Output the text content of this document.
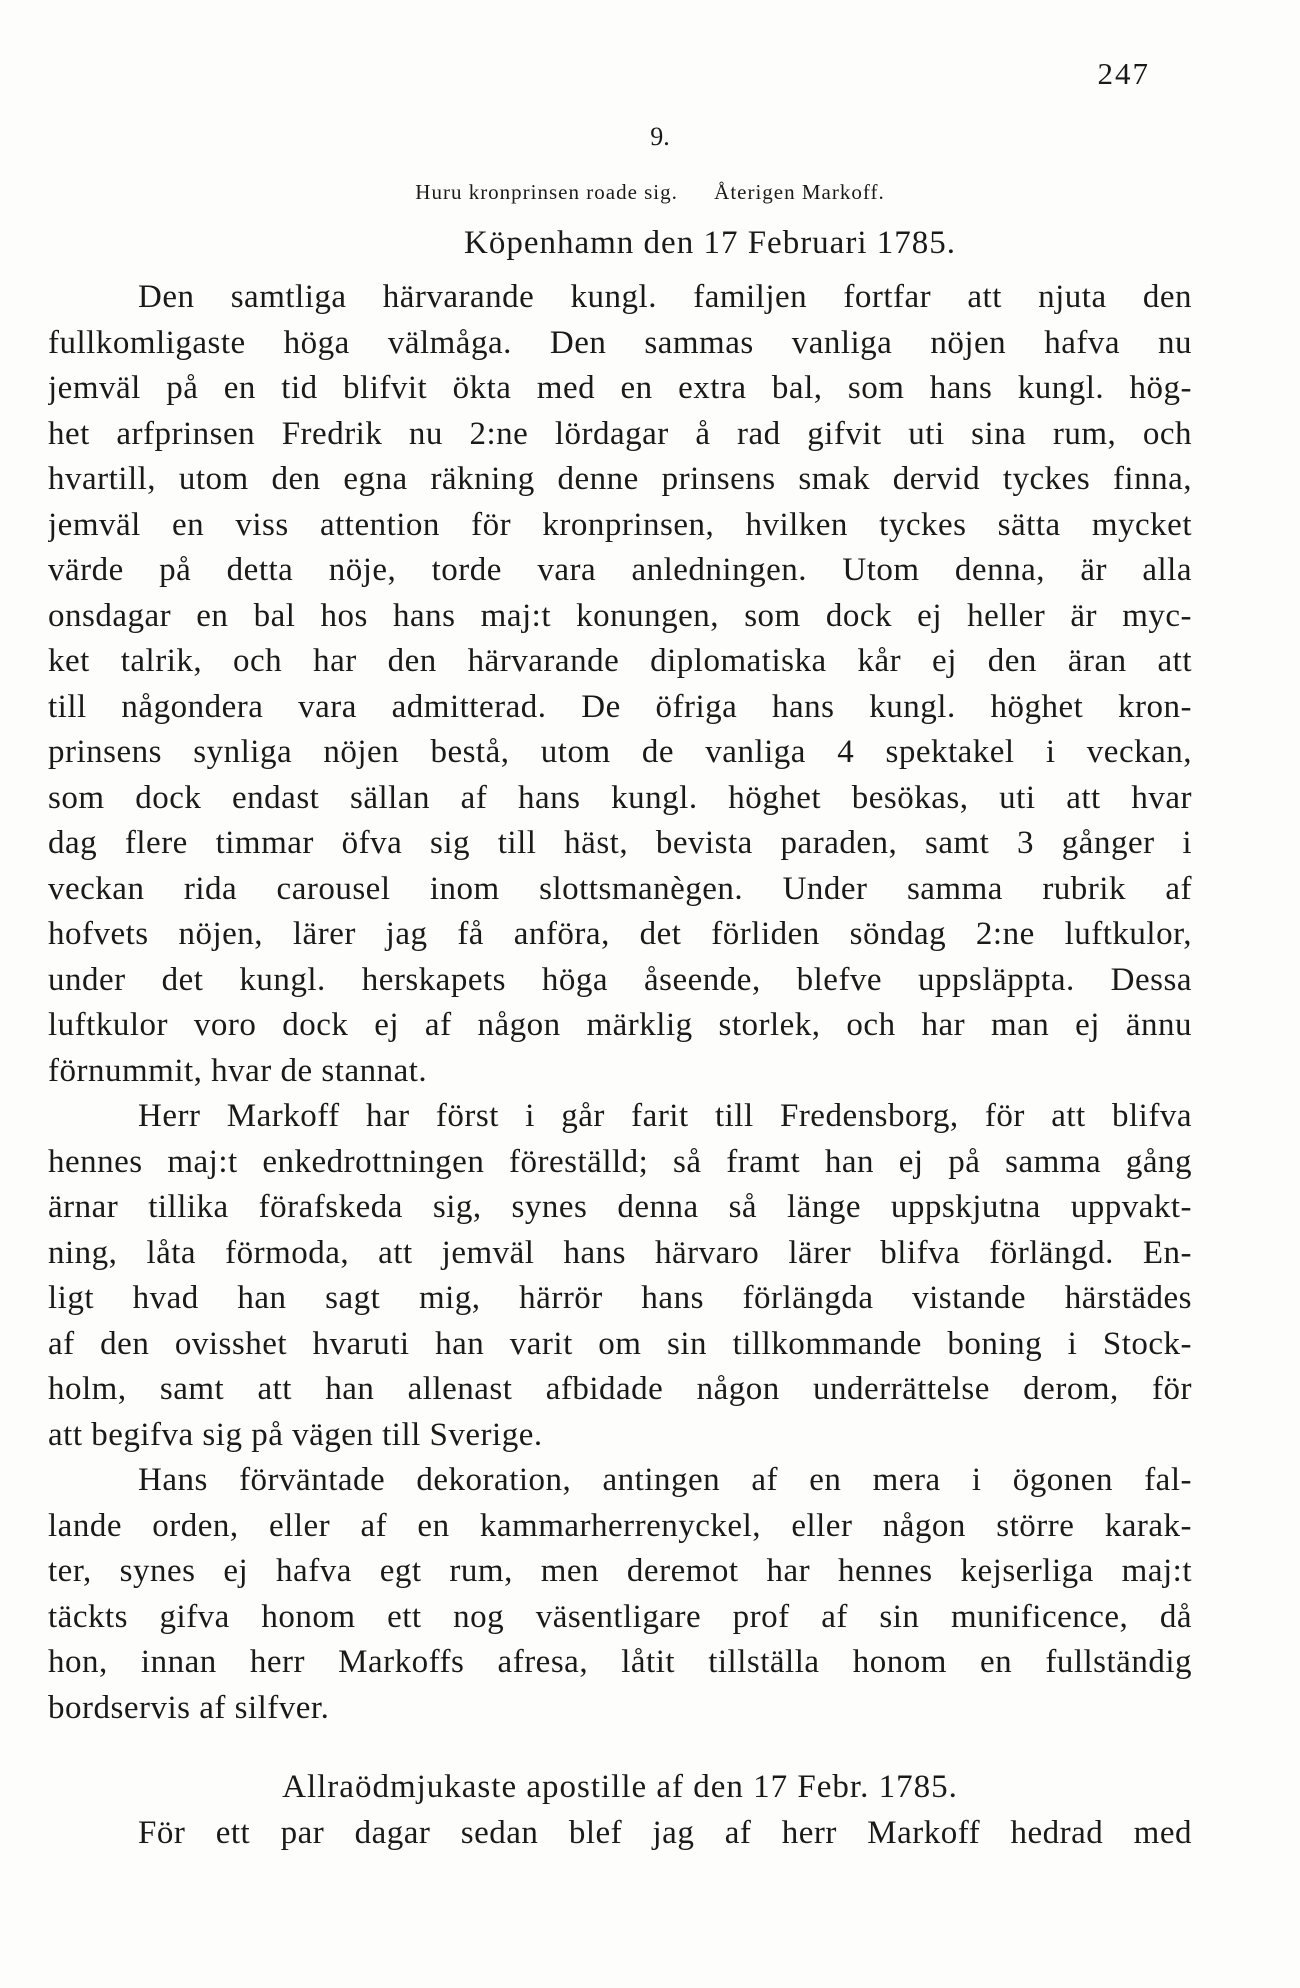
247
9.
Huru kronprinsen roade sig. Återigen Markoff.
Köpenhamn den 17 Februari 1785.
Den samtliga härvarande kungl. familjen fortfar att njuta den
fullkomligaste höga välmåga. Den sammas vanliga nöjen hafva nu
jemväl på en tid blifvit ökta med en extra bal, som hans kungl. hög-
het arfprinsen Fredrik nu 2:ne lördagar å rad gifvit uti sina rum, och
hvartill, utom den egna räkning denne prinsens smak dervid tyckes finna,
jemväl en viss attention för kronprinsen, hvilken tyckes sätta mycket
värde på detta nöje, torde vara anledningen. Utom denna, är alla
onsdagar en bal hos hans maj:t konungen, som dock ej heller är myc-
ket talrik, och har den härvarande diplomatiska kår ej den äran att
till någondera vara admitterad. De öfriga hans kungl. höghet kron-
prinsens synliga nöjen bestå, utom de vanliga 4 spektakel i veckan,
som dock endast sällan af hans kungl. höghet besökas, uti att hvar
dag flere timmar öfva sig till häst, bevista paraden, samt 3 gånger i
veckan rida carousel inom slottsmanègen. Under samma rubrik af
hofvets nöjen, lärer jag få anföra, det förliden söndag 2:ne luftkulor,
under det kungl. herskapets höga åseende, blefve uppsläppta. Dessa
luftkulor voro dock ej af någon märklig storlek, och har man ej ännu
förnummit, hvar de stannat.
Herr Markoff har först i går farit till Fredensborg, för att blifva
hennes maj:t enkedrottningen föreställd; så framt han ej på samma gång
ärnar tillika förafskeda sig, synes denna så länge uppskjutna uppvakt-
ning, låta förmoda, att jemväl hans härvaro lärer blifva förlängd. En-
ligt hvad han sagt mig, härrör hans förlängda vistande härstädes
af den ovisshet hvaruti han varit om sin tillkommande boning i Stock-
holm, samt att han allenast afbidade någon underrättelse derom, för
att begifva sig på vägen till Sverige.
Hans förväntade dekoration, antingen af en mera i ögonen fal-
lande orden, eller af en kammarherrenyckel, eller någon större karak-
ter, synes ej hafva egt rum, men deremot har hennes kejserliga maj:t
täckts gifva honom ett nog väsentligare prof af sin munificence, då
hon, innan herr Markoffs afresa, låtit tillställa honom en fullständig
bordservis af silfver.
Allraödmjukaste apostille af den 17 Febr. 1785.
För ett par dagar sedan blef jag af herr Markoff hedrad med
